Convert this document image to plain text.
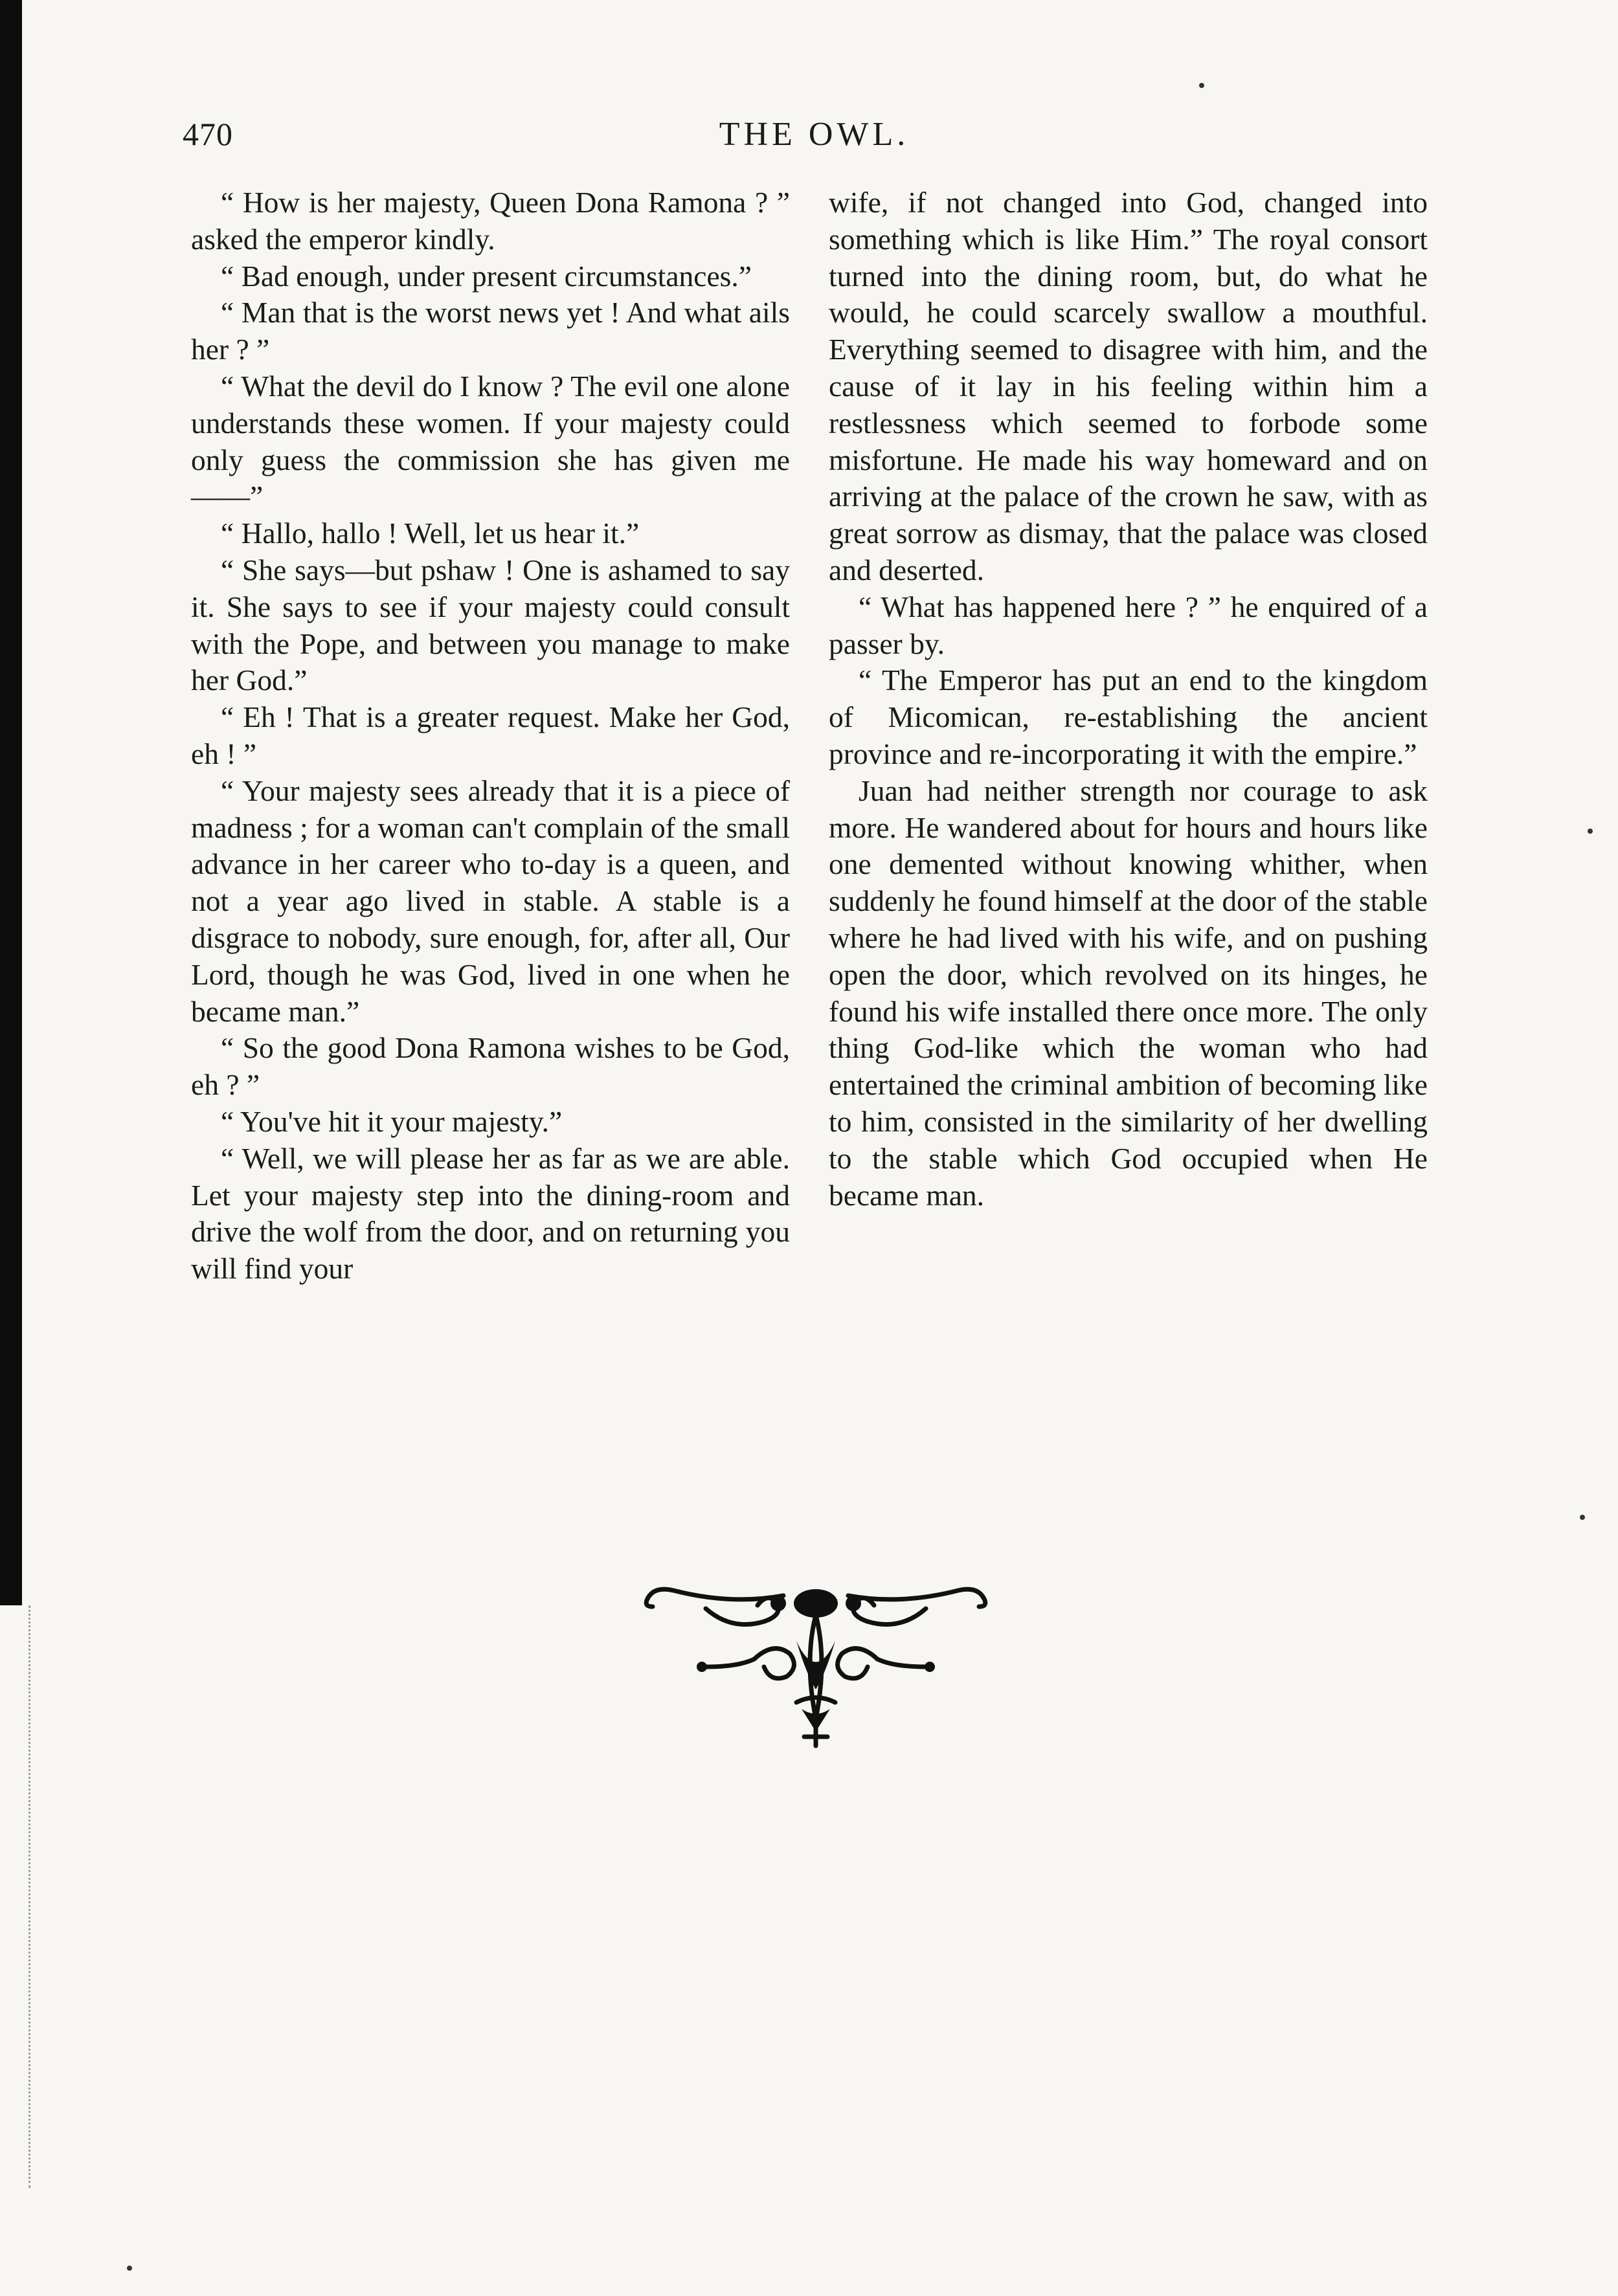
470	THE OWL.

“ How is her majesty, Queen Dona Ramona ? ” asked the emperor kindly.

“ Bad enough, under present circumstances.”

“ Man that is the worst news yet ! And what ails her ? ”

“ What the devil do I know ? The evil one alone understands these women. If your majesty could only guess the commission she has given me——”

“ Hallo, hallo ! Well, let us hear it.”

“ She says—but pshaw ! One is ashamed to say it. She says to see if your majesty could consult with the Pope, and between you manage to make her God.”

“ Eh ! That is a greater request. Make her God, eh ! ”

“ Your majesty sees already that it is a piece of madness ; for a woman can't complain of the small advance in her career who to-day is a queen, and not a year ago lived in stable. A stable is a disgrace to nobody, sure enough, for, after all, Our Lord, though he was God, lived in one when he became man.”

“ So the good Dona Ramona wishes to be God, eh ? ”

“ You've hit it your majesty.”

“ Well, we will please her as far as we are able. Let your majesty step into the dining-room and drive the wolf from the door, and on returning you will find your

wife, if not changed into God, changed into something which is like Him.” The royal consort turned into the dining room, but, do what he would, he could scarcely swallow a mouthful. Everything seemed to disagree with him, and the cause of it lay in his feeling within him a restlessness which seemed to forbode some misfortune. He made his way homeward and on arriving at the palace of the crown he saw, with as great sorrow as dismay, that the palace was closed and deserted.

“ What has happened here ? ” he enquired of a passer by.

“ The Emperor has put an end to the kingdom of Micomican, re-establishing the ancient province and re-incorporating it with the empire.”

Juan had neither strength nor courage to ask more. He wandered about for hours and hours like one demented without knowing whither, when suddenly he found himself at the door of the stable where he had lived with his wife, and on pushing open the door, which revolved on its hinges, he found his wife installed there once more. The only thing God-like which the woman who had entertained the criminal ambition of becoming like to him, consisted in the similarity of her dwelling to the stable which God occupied when He became man.
